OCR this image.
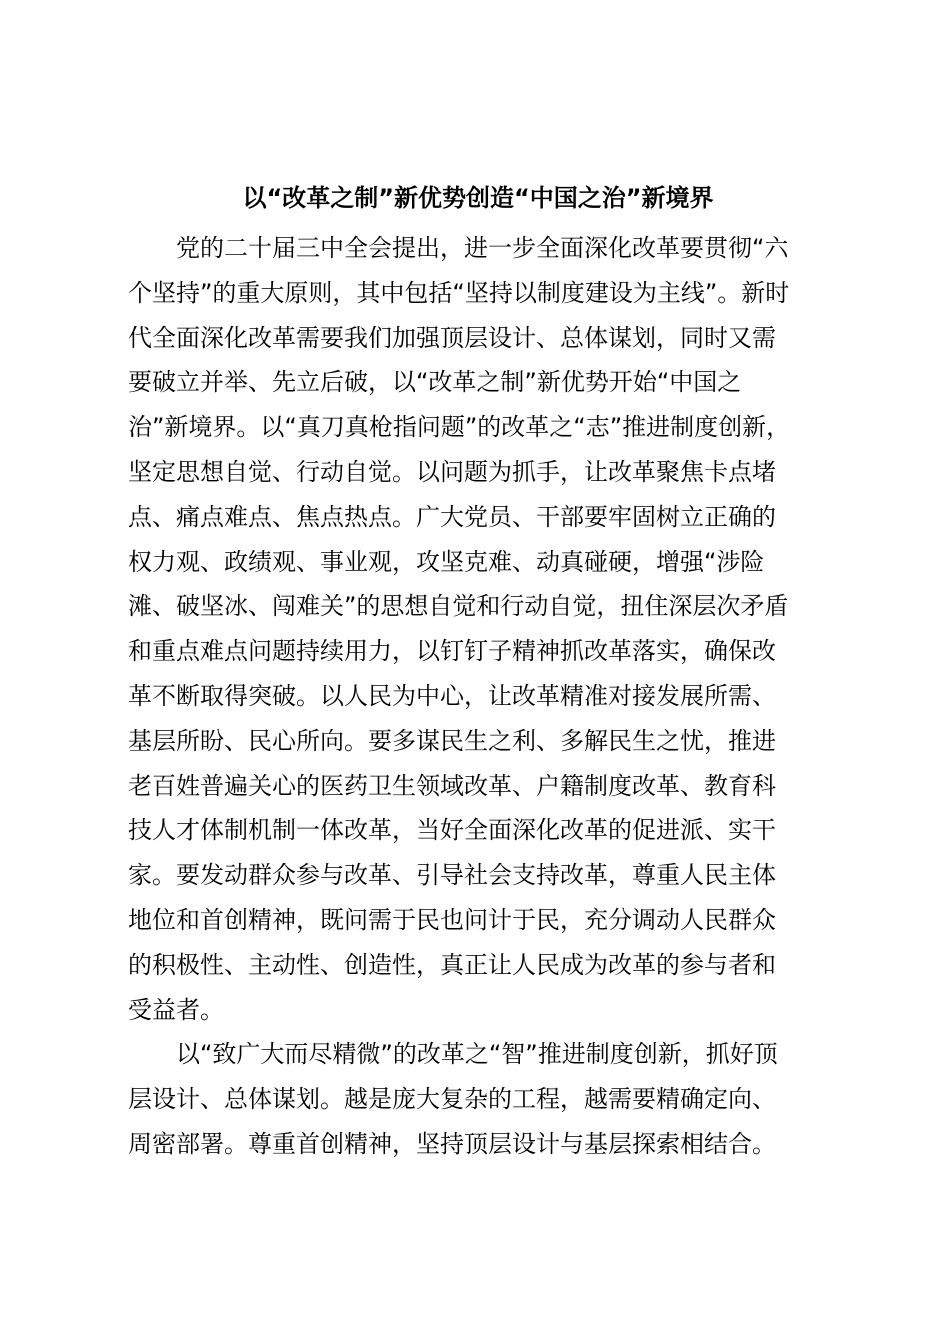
以“改革之制”新优势创造“中国之治”新境界
党的二十届三中全会提出，进一步全面深化改革要贯彻“六
个坚持”的重大原则，其中包括“坚持以制度建设为主线”。新时
代全面深化改革需要我们加强顶层设计、总体谋划，同时又需
要破立并举、先立后破，以“改革之制”新优势开始“中国之
治”新境界。以“真刀真枪指问题”的改革之“志”推进制度创新，
坚定思想自觉、行动自觉。以问题为抓手，让改革聚焦卡点堵
点、痛点难点、焦点热点。广大党员、干部要牢固树立正确的
权力观、政绩观、事业观，攻坚克难、动真碰硬，增强“涉险
滩、破坚冰、闯难关”的思想自觉和行动自觉，扭住深层次矛盾
和重点难点问题持续用力，以钉钉子精神抓改革落实，确保改
革不断取得突破。以人民为中心，让改革精准对接发展所需、
基层所盼、民心所向。要多谋民生之利、多解民生之忧，推进
老百姓普遍关心的医药卫生领域改革、户籍制度改革、教育科
技人才体制机制一体改革，当好全面深化改革的促进派、实干
家。要发动群众参与改革、引导社会支持改革，尊重人民主体
地位和首创精神，既问需于民也问计于民，充分调动人民群众
的积极性、主动性、创造性，真正让人民成为改革的参与者和
受益者。
以“致广大而尽精微”的改革之“智”推进制度创新，抓好顶
层设计、总体谋划。越是庞大复杂的工程，越需要精确定向、
周密部署。尊重首创精神，坚持顶层设计与基层探索相结合。
